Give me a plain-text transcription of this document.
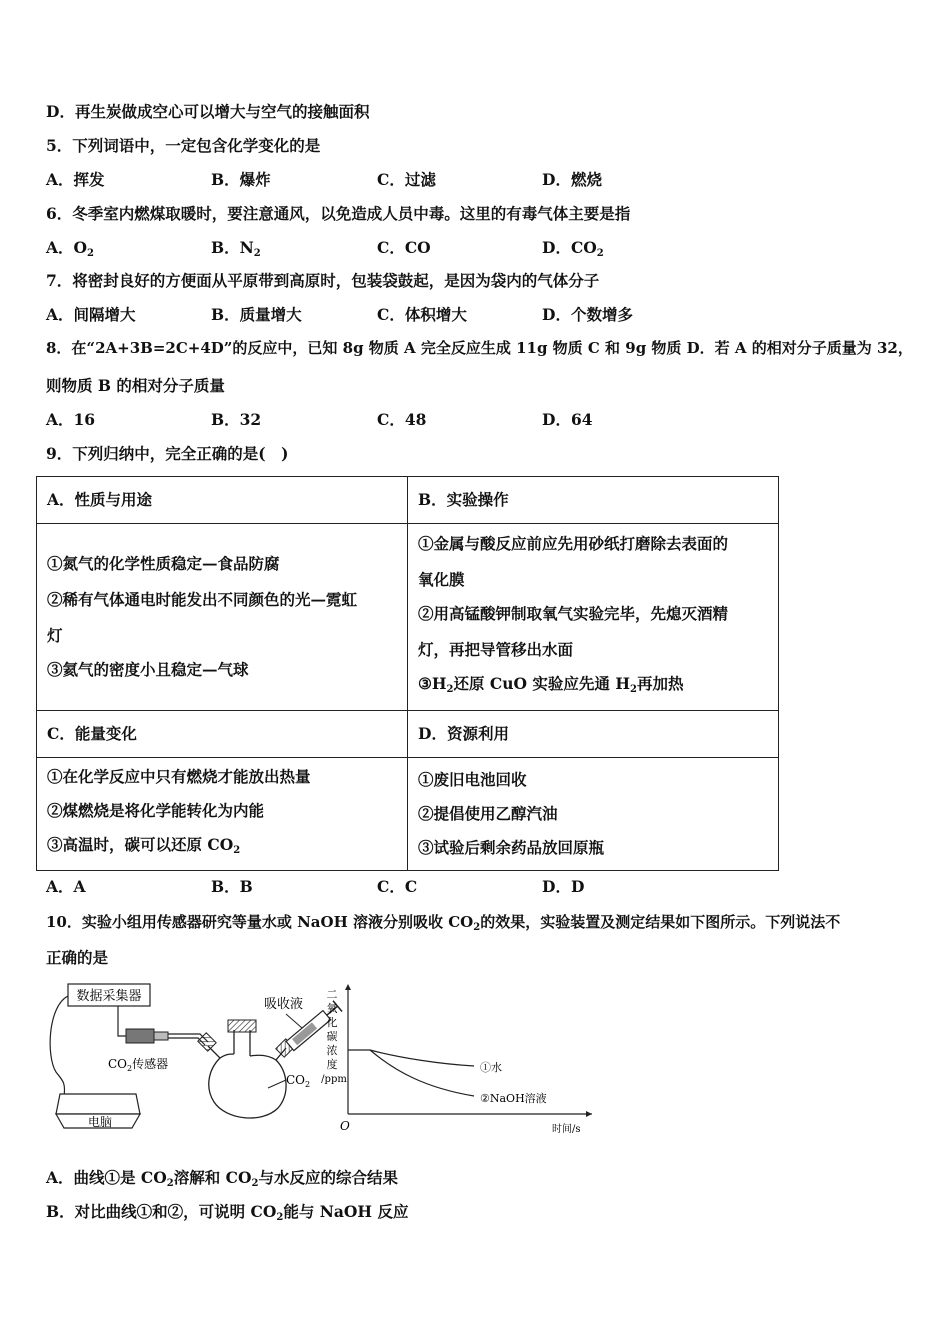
D．再生炭做成空心可以增大与空气的接触面积
5．下列词语中，一定包含化学变化的是
A．挥发	B．爆炸	C．过滤	D．燃烧
6．冬季室内燃煤取暖时，要注意通风，以免造成人员中毒。这里的有毒气体主要是指
A．$O_2$	B．$N_2$	C．CO	D．$CO_2$
7．将密封良好的方便面从平原带到高原时，包装袋鼓起，是因为袋内的气体分子
A．间隔增大	B．质量增大	C．体积增大	D．个数增多
8．在“2A+3B=2C+4D”的反应中，已知 8g 物质 A 完全反应生成 11g 物质 C 和 9g 物质 D．若 A 的相对分子质量为 32，
则物质 B 的相对分子质量
A．16	B．32	C．48	D．64
9．下列归纳中，完全正确的是(　)
A．性质与用途	B．实验操作

①氮气的化学性质稳定—食品防腐
②稀有气体通电时能发出不同颜色的光—霓虹
灯
③氦气的密度小且稳定—气球	①金属与酸反应前应先用砂纸打磨除去表面的
氧化膜
②用高锰酸钾制取氧气实验完毕，先熄灭酒精
灯，再把导管移出水面
$③H_2$还原 CuO 实验应先通 $H_2$再加热

C．能量变化	D．资源利用

①在化学反应中只有燃烧才能放出热量
②煤燃烧是将化学能转化为内能
③高温时，碳可以还原 $CO_2$	①废旧电池回收
②提倡使用乙醇汽油
③试验后剩余药品放回原瓶
A．A	B．B	C．C	D．D
10．实验小组用传感器研究等量水或 NaOH 溶液分别吸收 $CO_2$的效果，实验装置及测定结果如下图所示。下列说法不
正确的是
数据采集器
$CO_2$传感器
电脑
吸收液
$CO_2$
二
氧
化
碳
浓
度
/ppm
O	时间/s
①水
②NaOH溶液
A．曲线①是 $CO_2$溶解和 $CO_2$与水反应的综合结果
B．对比曲线①和②，可说明 $CO_2$能与 NaOH 反应
